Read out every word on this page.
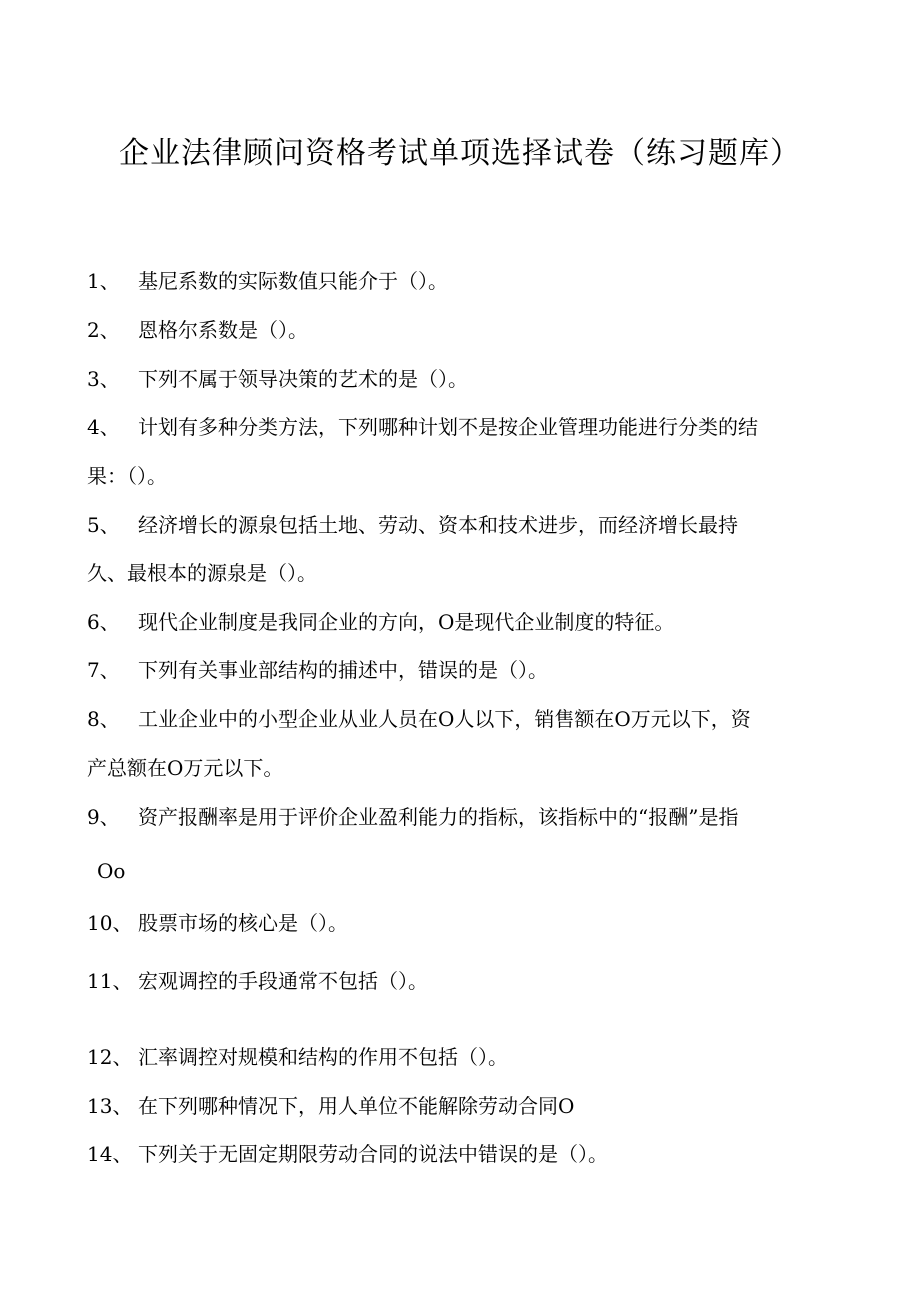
企业法律顾问资格考试单项选择试卷（练习题库）
1、 基尼系数的实际数值只能介于（）。
2、 恩格尔系数是（）。
3、 下列不属于领导决策的艺术的是（）。
4、 计划有多种分类方法，下列哪种计划不是按企业管理功能进行分类的结
果：（）。
5、 经济增长的源泉包括土地、劳动、资本和技术进步，而经济增长最持
久、最根本的源泉是（）。
6、 现代企业制度是我同企业的方向，O是现代企业制度的特征。
7、 下列有关事业部结构的捕述中，错误的是（）。
8、 工业企业中的小型企业从业人员在O人以下，销售额在O万元以下，资
产总额在O万元以下。
9、 资产报酬率是用于评价企业盈利能力的指标，该指标中的“报酬”是指
Oo
10、 股票市场的核心是（）。
11、 宏观调控的手段通常不包括（）。
12、 汇率调控对规模和结构的作用不包括（）。
13、 在下列哪种情况下，用人单位不能解除劳动合同O
14、 下列关于无固定期限劳动合同的说法中错误的是（）。
